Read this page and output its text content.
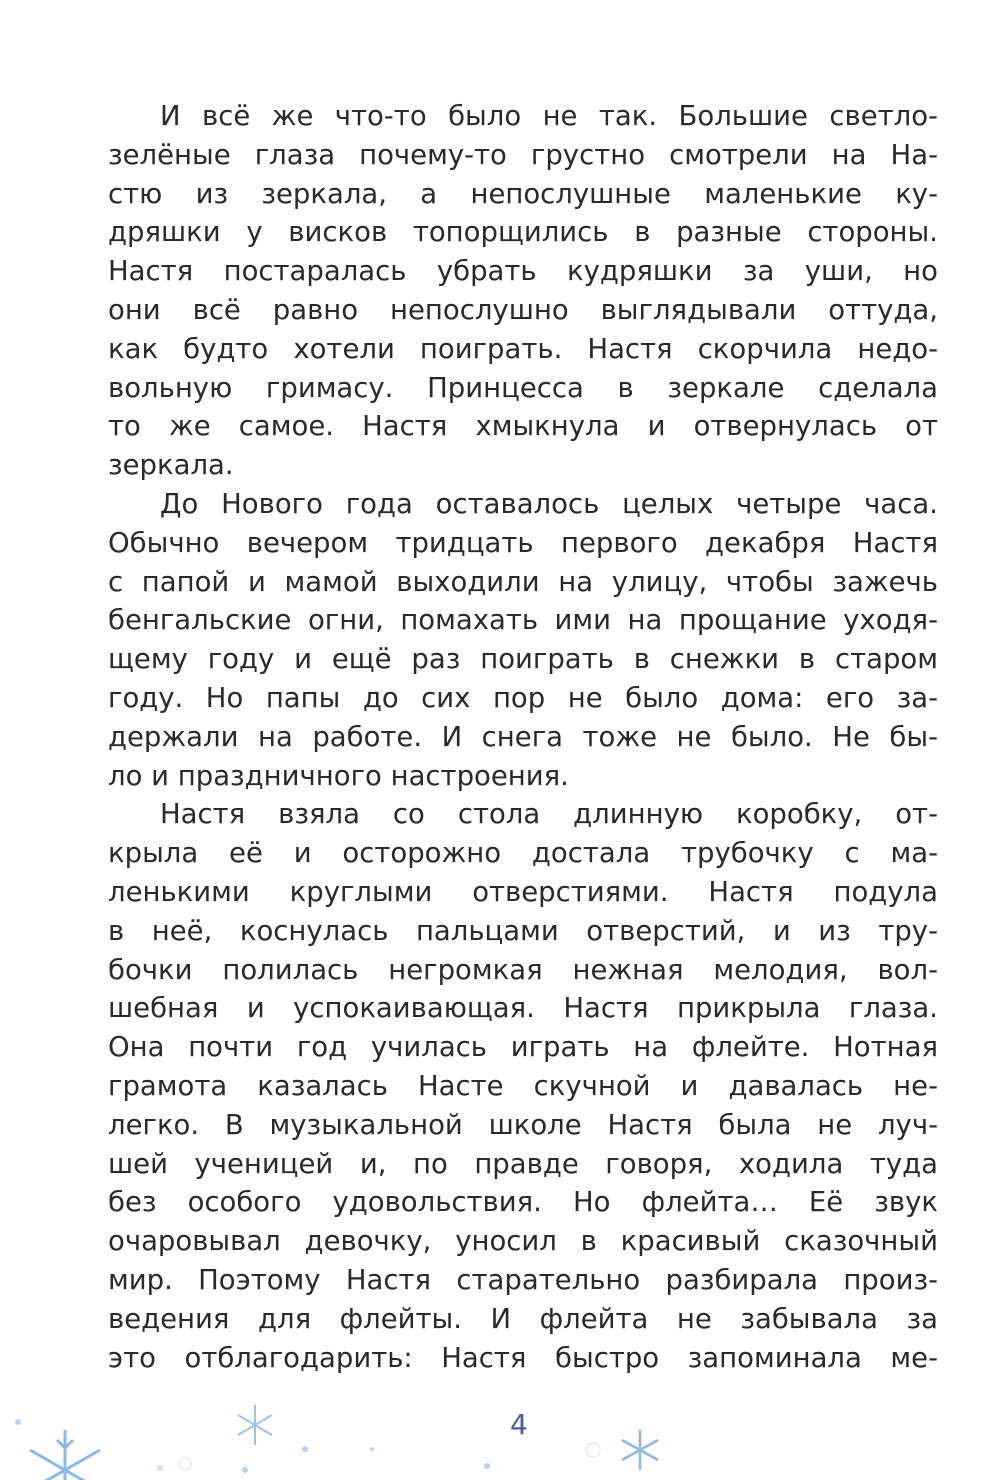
И всё же что-то было не так. Большие светло-
зелёные глаза почему-то грустно смотрели на На-
стю из зеркала, а непослушные маленькие ку-
дряшки у висков топорщились в разные стороны.
Настя постаралась убрать кудряшки за уши, но
они всё равно непослушно выглядывали оттуда,
как будто хотели поиграть. Настя скорчила недо-
вольную гримасу. Принцесса в зеркале сделала
то же самое. Настя хмыкнула и отвернулась от
зеркала.
До Нового года оставалось целых четыре часа.
Обычно вечером тридцать первого декабря Настя
с папой и мамой выходили на улицу, чтобы зажечь
бенгальские огни, помахать ими на прощание уходя-
щему году и ещё раз поиграть в снежки в старом
году. Но папы до сих пор не было дома: его за-
держали на работе. И снега тоже не было. Не бы-
ло и праздничного настроения.
Настя взяла со стола длинную коробку, от-
крыла её и осторожно достала трубочку с ма-
ленькими круглыми отверстиями. Настя подула
в неё, коснулась пальцами отверстий, и из тру-
бочки полилась негромкая нежная мелодия, вол-
шебная и успокаивающая. Настя прикрыла глаза.
Она почти год училась играть на флейте. Нотная
грамота казалась Насте скучной и давалась не-
легко. В музыкальной школе Настя была не луч-
шей ученицей и, по правде говоря, ходила туда
без особого удовольствия. Но флейта… Её звук
очаровывал девочку, уносил в красивый сказочный
мир. Поэтому Настя старательно разбирала произ-
ведения для флейты. И флейта не забывала за
это отблагодарить: Настя быстро запоминала ме-
4
